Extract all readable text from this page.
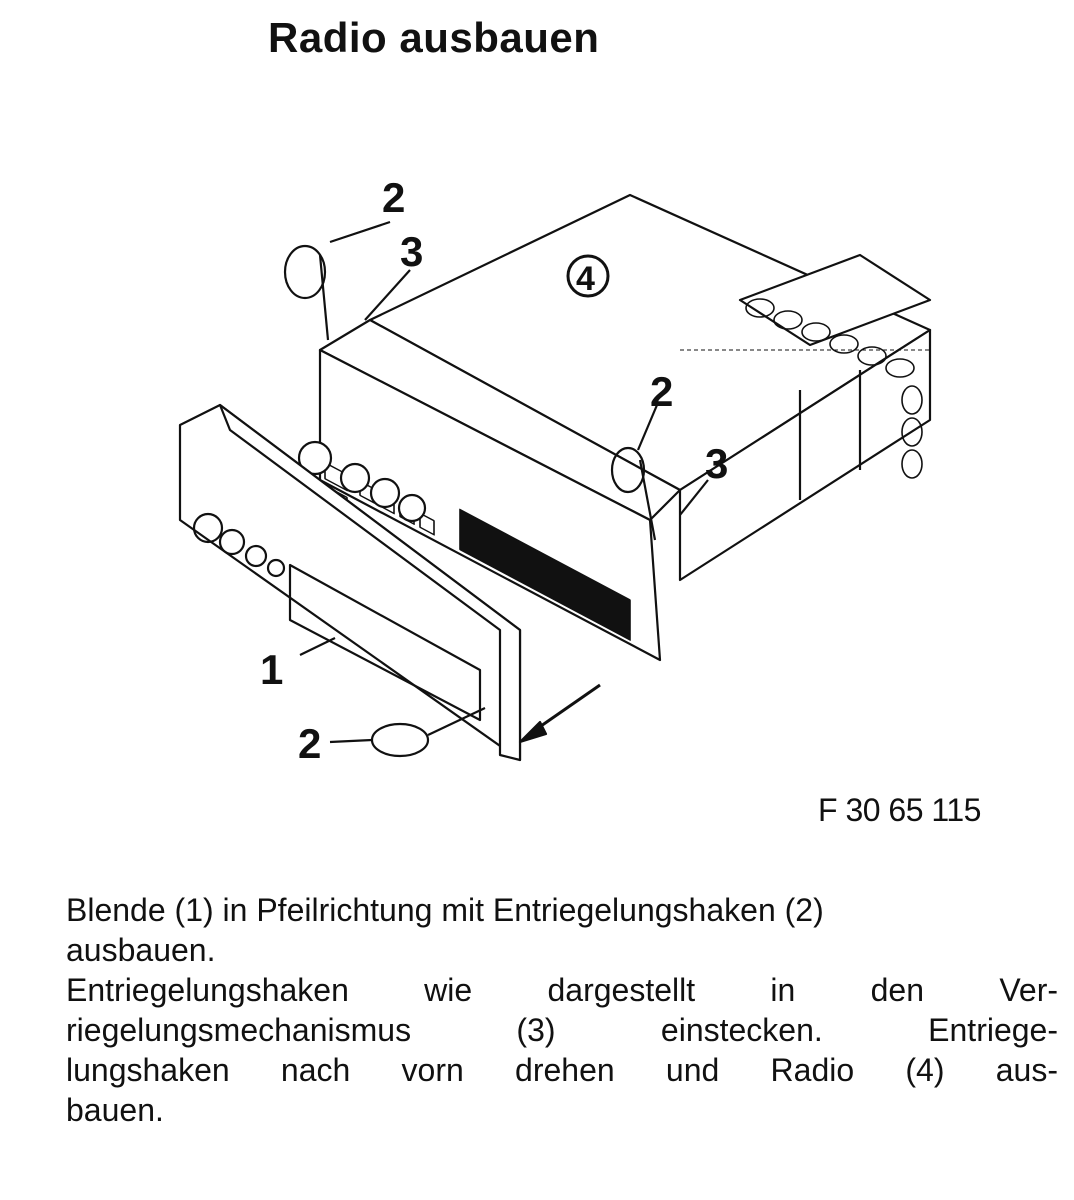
Radio ausbauen
2
3
4
2
3
1
2
F 30 65 115

Blende (1) in Pfeilrichtung mit Entriegelungshaken (2)
ausbauen.

Entriegelungshaken wie dargestellt in den Ver-
riegelungsmechanismus (3) einstecken. Entriege-
lungshaken nach vorn drehen und Radio (4) aus-
bauen.
